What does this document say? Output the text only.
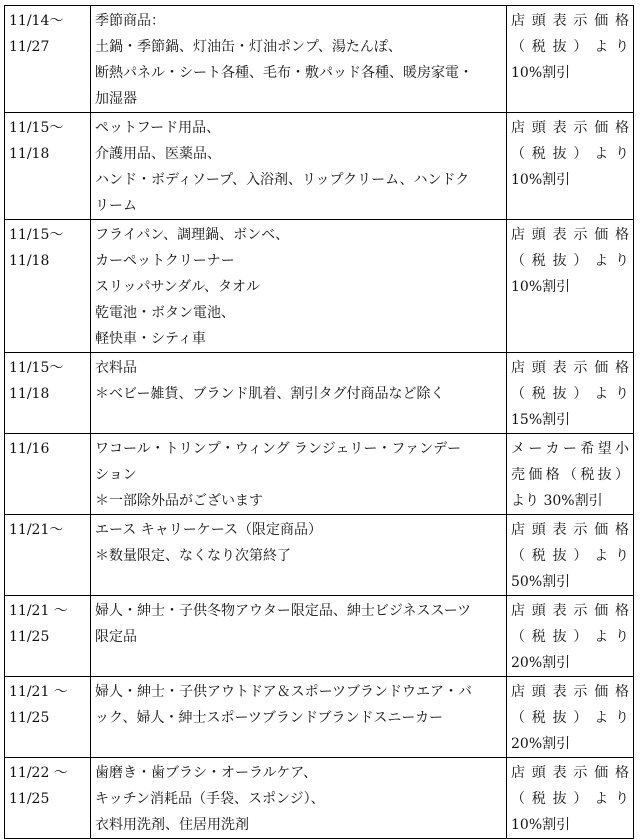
11/14～
11/27	季節商品：
土鍋・季節鍋、灯油缶・灯油ポンプ、湯たんぽ、
断熱パネル・シート各種、毛布・敷パッド各種、暖房家電・
加湿器	店頭表示価格
（税抜）より
10%割引

11/15～
11/18	ペットフード用品、
介護用品、医薬品、
ハンド・ボディソープ、入浴剤、リップクリーム、ハンドク
リーム	店頭表示価格
（税抜）より
10%割引

11/15～
11/18	フライパン、調理鍋、ボンベ、
カーペットクリーナー
スリッパサンダル、タオル
乾電池・ボタン電池、
軽快車・シティ車	店頭表示価格
（税抜）より
10%割引

11/15～
11/18	衣料品
＊ベビー雑貨、ブランド肌着、割引タグ付商品など除く	店頭表示価格
（税抜）より
15%割引

11/16	ワコール・トリンプ・ウィング ランジェリー・ファンデー
ション
＊一部除外品がございます	メーカー希望小
売価格（税抜）
より 30%割引

11/21～	エース キャリーケース（限定商品）
＊数量限定、なくなり次第終了	店頭表示価格
（税抜）より
50%割引

11/21 ～
11/25	婦人・紳士・子供冬物アウター限定品、紳士ビジネススーツ
限定品	店頭表示価格
（税抜）より
20%割引

11/21 ～
11/25	婦人・紳士・子供アウトドア＆スポーツブランドウエア・バ
ック、婦人・紳士スポーツブランドブランドスニーカー	店頭表示価格
（税抜）より
20%割引

11/22 ～
11/25	歯磨き・歯ブラシ・オーラルケア、
キッチン消耗品（手袋、スポンジ）、
衣料用洗剤、住居用洗剤	店頭表示価格
（税抜）より
10%割引
